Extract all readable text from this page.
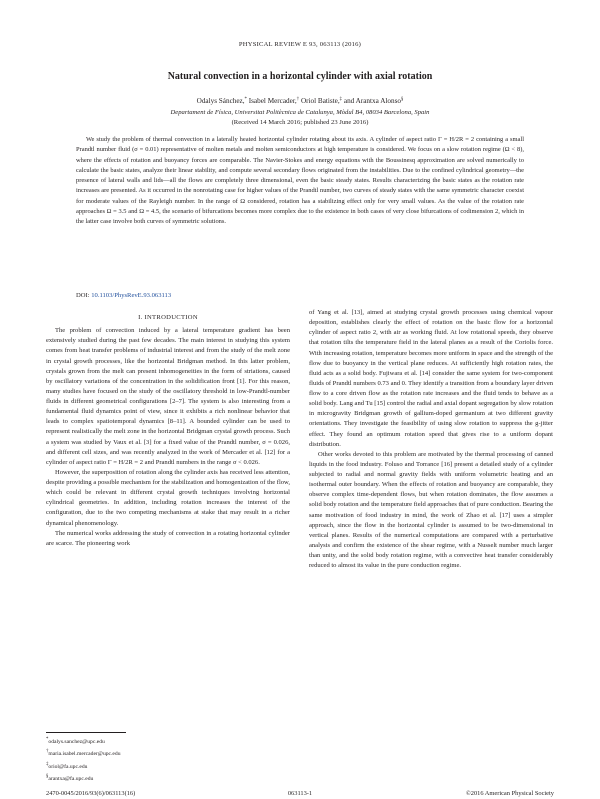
PHYSICAL REVIEW E 93, 063113 (2016)
Natural convection in a horizontal cylinder with axial rotation
Odalys Sánchez,* Isabel Mercader,† Oriol Batiste,‡ and Arantxa Alonso§
Departament de Física, Universitat Politècnica de Catalunya, Mòdul B4, 08034 Barcelona, Spain
(Received 14 March 2016; published 23 June 2016)

We study the problem of thermal convection in a laterally heated horizontal cylinder rotating about its axis. A cylinder of aspect ratio Γ = H/2R = 2 containing a small Prandtl number fluid (σ = 0.01) representative of molten metals and molten semiconductors at high temperature is considered. We focus on a slow rotation regime (Ω < 8), where the effects of rotation and buoyancy forces are comparable. The Navier-Stokes and energy equations with the Boussinesq approximation are solved numerically to calculate the basic states, analyze their linear stability, and compute several secondary flows originated from the instabilities. Due to the confined cylindrical geometry—the presence of lateral walls and lids—all the flows are completely three dimensional, even the basic steady states. Results characterizing the basic states as the rotation rate increases are presented. As it occurred in the nonrotating case for higher values of the Prandtl number, two curves of steady states with the same symmetric character coexist for moderate values of the Rayleigh number. In the range of Ω considered, rotation has a stabilizing effect only for very small values. As the value of the rotation rate approaches Ω = 3.5 and Ω = 4.5, the scenario of bifurcations becomes more complex due to the existence in both cases of very close bifurcations of codimension 2, which in the latter case involve both curves of symmetric solutions.

DOI: 10.1103/PhysRevE.93.063113
I. INTRODUCTION

The problem of convection induced by a lateral temperature gradient has been extensively studied during the past few decades. The main interest in studying this system comes from heat transfer problems of industrial interest and from the study of the melt zone in crystal growth processes, like the horizontal Bridgman method. In this latter problem, crystals grown from the melt can present inhomogeneities in the form of striations, caused by oscillatory variations of the concentration in the solidification front [1]. For this reason, many studies have focused on the study of the oscillatory threshold in low-Prandtl-number fluids in different geometrical configurations [2–7]. The system is also interesting from a fundamental fluid dynamics point of view, since it exhibits a rich nonlinear behavior that leads to complex spatiotemporal dynamics [8–11]. A bounded cylinder can be used to represent realistically the melt zone in the horizontal Bridgman crystal growth process. Such a system was studied by Vaux et al. [3] for a fixed value of the Prandtl number, σ = 0.026, and different cell sizes, and was recently analyzed in the work of Mercader et al. [12] for a cylinder of aspect ratio Γ = H/2R = 2 and Prandtl numbers in the range σ < 0.026.

However, the superposition of rotation along the cylinder axis has received less attention, despite providing a possible mechanism for the stabilization and homogenization of the flow, which could be relevant in different crystal growth techniques involving horizontal cylindrical geometries. In addition, including rotation increases the interest of the configuration, due to the two competing mechanisms at stake that may result in a richer dynamical phenomenology.

The numerical works addressing the study of convection in a rotating horizontal cylinder are scarce. The pioneering work

of Yang et al. [13], aimed at studying crystal growth processes using chemical vapour deposition, establishes clearly the effect of rotation on the basic flow for a horizontal cylinder of aspect ratio 2, with air as working fluid. At low rotational speeds, they observe that rotation tilts the temperature field in the lateral planes as a result of the Coriolis force. With increasing rotation, temperature becomes more uniform in space and the strength of the flow due to buoyancy in the vertical plane reduces. At sufficiently high rotation rates, the fluid acts as a solid body. Fujiwara et al. [14] consider the same system for two-component fluids of Prandtl numbers 0.73 and 0. They identify a transition from a boundary layer driven flow to a core driven flow as the rotation rate increases and the fluid tends to behave as a solid body. Lang and Tu [15] control the radial and axial dopant segregation by slow rotation in microgravity Bridgman growth of gallium-doped germanium at two different gravity orientations. They investigate the feasibility of using slow rotation to suppress the g-jitter effect. They found an optimum rotation speed that gives rise to a uniform dopant distribution.

Other works devoted to this problem are motivated by the thermal processing of canned liquids in the food industry. Foluso and Torrance [16] present a detailed study of a cylinder subjected to radial and normal gravity fields with uniform volumetric heating and an isothermal outer boundary. When the effects of rotation and buoyancy are comparable, they observe complex time-dependent flows, but when rotation dominates, the flow assumes a solid body rotation and the temperature field approaches that of pure conduction. Bearing the same motivation of food industry in mind, the work of Zhao et al. [17] uses a simpler approach, since the flow in the horizontal cylinder is assumed to be two-dimensional in vertical planes. Results of the numerical computations are compared with a perturbative analysis and confirm the existence of the shear regime, with a Nusselt number much larger than unity, and the solid body rotation regime, with a convective heat transfer considerably reduced to almost its value in the pure conduction regime.

*odalys.sanchez@upc.edu
†maria.isabel.mercader@upc.edu
‡oriol@fa.upc.edu
§arantxa@fa.upc.edu
2470-0045/2016/93(6)/063113(16)	063113-1	©2016 American Physical Society
